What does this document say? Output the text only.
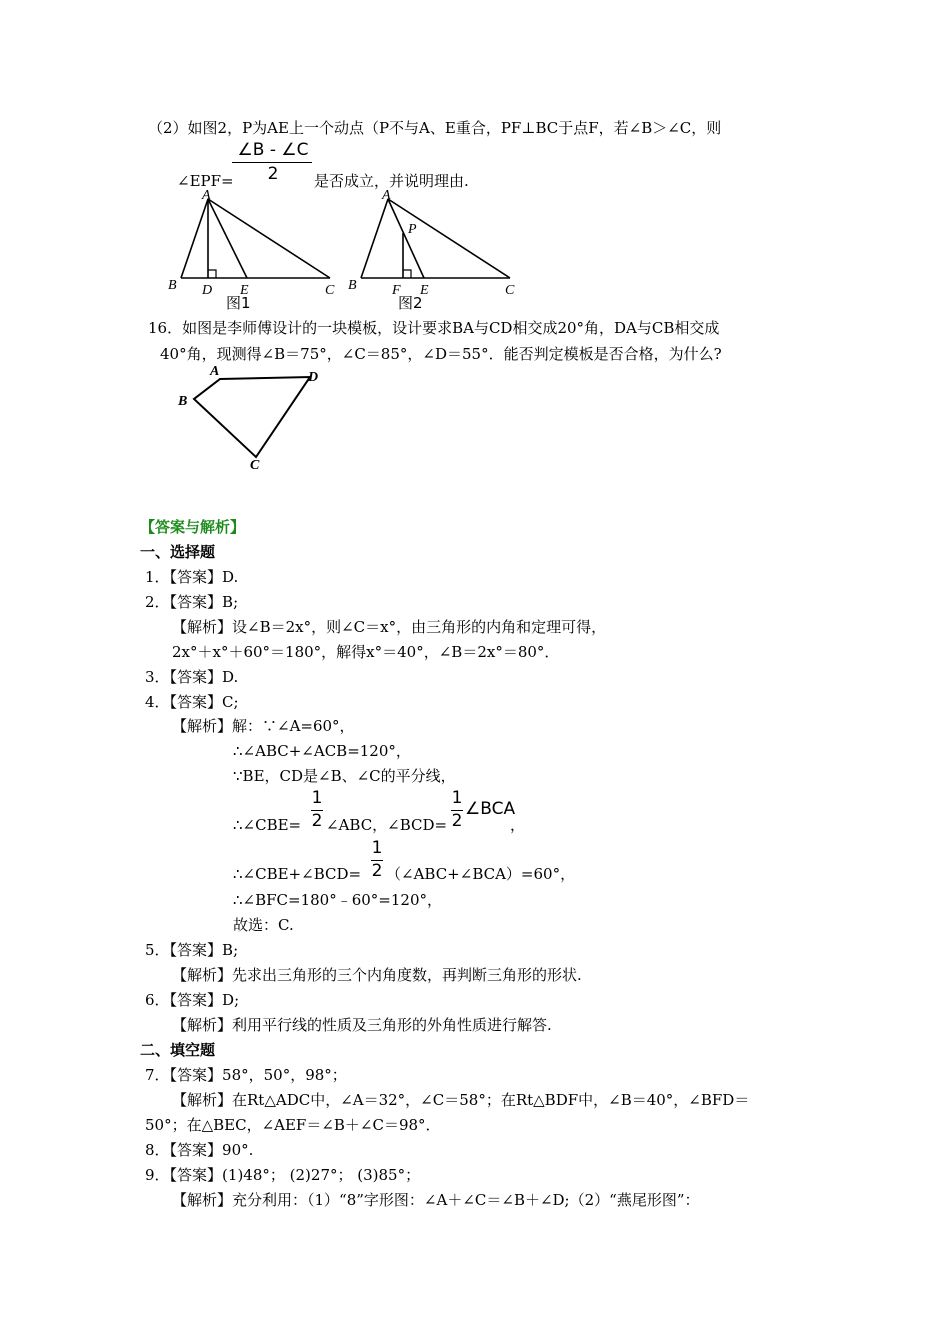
（2）如图2，P为AE上一个动点（P不与A、E重合，PF⊥BC于点F，若∠B＞∠C，则
∠EPF=
∠B - ∠C
2	是否成立，并说明理由.
A
B D E	C
图1
A
P
B	F E	C
图2
16．如图是李师傅设计的一块模板，设计要求BA与CD相交成20°角，DA与CB相交成
40°角，现测得∠B＝75°，∠C＝85°，∠D＝55°．能否判定模板是否合格，为什么?
A	D
B
C
【答案与解析】
一、选择题
1．【答案】D.
2．【答案】B;
【解析】设∠B＝2x°，则∠C＝x°，由三角形的内角和定理可得，
2x°＋x°＋60°＝180°，解得x°＝40°，∠B＝2x°＝80°．
3．【答案】D.
4．【答案】C;
【解析】解：∵∠A=60°，
∴∠ABC+∠ACB=120°，
∵BE，CD是∠B、∠C的平分线，
∴∠CBE=
1
2 ∠ABC，∠BCD=
1
2
∠BCA
，
∴∠CBE+∠BCD=
1
2 （∠ABC+∠BCA）=60°，
∴∠BFC=180°﹣60°=120°，
故选：C.
5．【答案】B;
【解析】先求出三角形的三个内角度数，再判断三角形的形状.
6．【答案】D;
【解析】利用平行线的性质及三角形的外角性质进行解答.
二、填空题
7．【答案】58°，50°，98°；
【解析】在Rt△ADC中，∠A＝32°，∠C＝58°；在Rt△BDF中，∠B＝40°，∠BFD＝
50°；在△BEC，∠AEF＝∠B＋∠C＝98°．
8．【答案】90°.
9．【答案】(1)48°； (2)27°； (3)85°；
【解析】充分利用：（1）“8”字形图：∠A＋∠C＝∠B＋∠D;（2）“燕尾形图”：
